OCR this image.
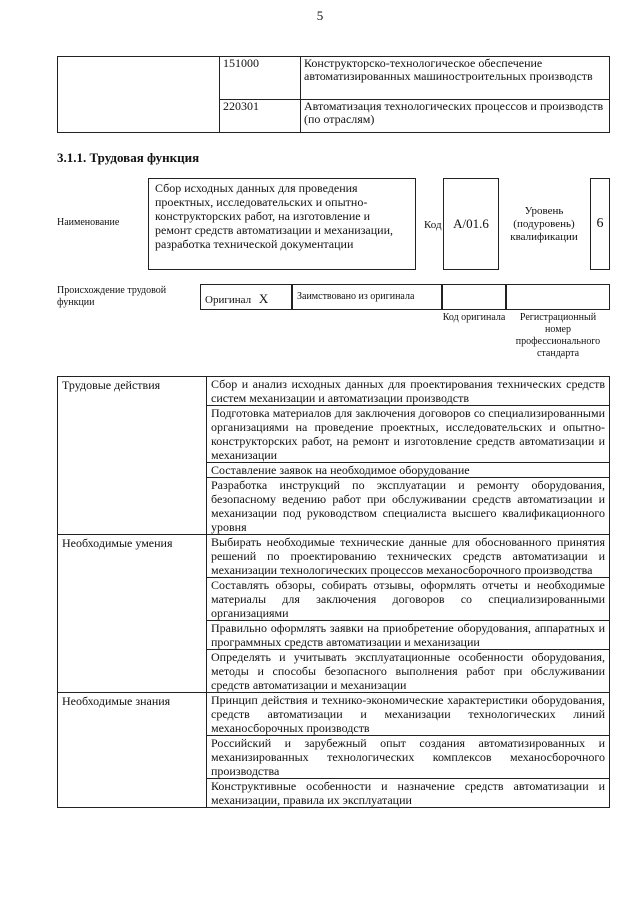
5
	151000	Конструкторско-технологическое обеспечение автоматизированных машиностроительных производств
	220301	Автоматизация технологических процессов и производств (по отраслям)
3.1.1. Трудовая функция
Наименование
Сбор исходных данных для проведения проектных, исследовательских и опытно-конструкторских работ, на изготовление и ремонт средств автоматизации и механизации, разработка технической документации
Код A/01.6
Уровень (подуровень) квалификации
6
Происхождение трудовой функции	Оригинал X	Заимствовано из оригинала
Код оригинала	Регистрационный номер профессионального стандарта
Трудовые действия	Сбор и анализ исходных данных для проектирования технических средств систем механизации и автоматизации производств
	Подготовка материалов для заключения договоров со специализированными организациями на проведение проектных, исследовательских и опытно-конструкторских работ, на ремонт и изготовление средств автоматизации и механизации
	Составление заявок на необходимое оборудование
	Разработка инструкций по эксплуатации и ремонту оборудования, безопасному ведению работ при обслуживании средств автоматизации и механизации под руководством специалиста высшего квалификационного уровня
Необходимые умения	Выбирать необходимые технические данные для обоснованного принятия решений по проектированию технических средств автоматизации и механизации технологических процессов механосборочного производства
	Составлять обзоры, собирать отзывы, оформлять отчеты и необходимые материалы для заключения договоров со специализированными организациями
	Правильно оформлять заявки на приобретение оборудования, аппаратных и программных средств автоматизации и механизации
	Определять и учитывать эксплуатационные особенности оборудования, методы и способы безопасного выполнения работ при обслуживании средств автоматизации и механизации
Необходимые знания	Принцип действия и технико-экономические характеристики оборудования, средств автоматизации и механизации технологических линий механосборочных производств
	Российский и зарубежный опыт создания автоматизированных и механизированных технологических комплексов механосборочного производства
	Конструктивные особенности и назначение средств автоматизации и механизации, правила их эксплуатации
